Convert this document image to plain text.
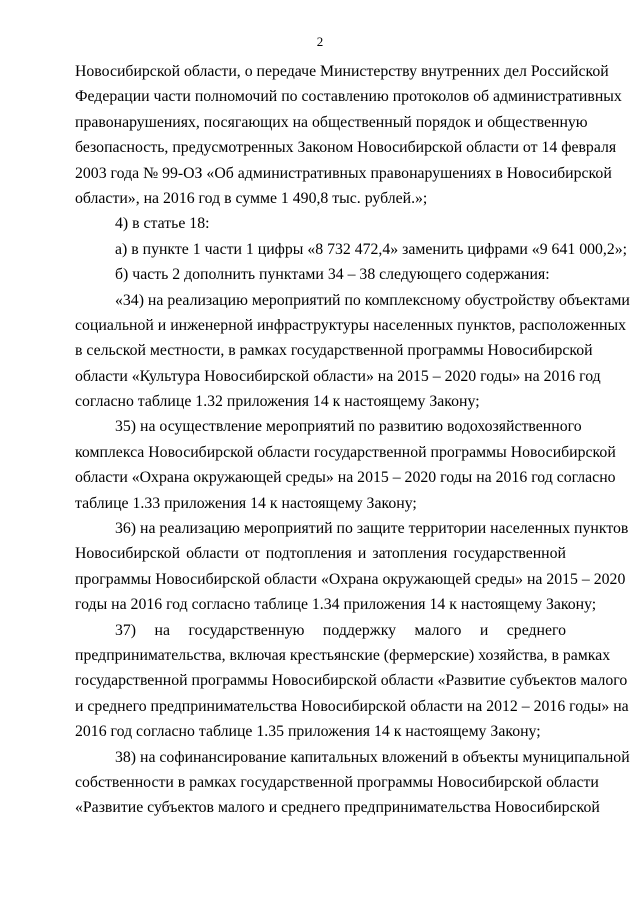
2
Новосибирской области, о передаче Министерству внутренних дел Российской
Федерации части полномочий по составлению протоколов об административных
правонарушениях, посягающих на общественный порядок и общественную
безопасность, предусмотренных Законом Новосибирской области от 14 февраля
2003 года № 99-ОЗ «Об административных правонарушениях в Новосибирской
области», на 2016 год в сумме 1 490,8 тыс. рублей.»;
4) в статье 18:
а) в пункте 1 части 1 цифры «8 732 472,4» заменить цифрами «9 641 000,2»;
б) часть 2 дополнить пунктами 34 – 38 следующего содержания:
«34) на реализацию мероприятий по комплексному обустройству объектами
социальной и инженерной инфраструктуры населенных пунктов, расположенных
в сельской местности, в рамках государственной программы Новосибирской
области «Культура Новосибирской области» на 2015 – 2020 годы» на 2016 год
согласно таблице 1.32 приложения 14 к настоящему Закону;
35) на осуществление мероприятий по развитию водохозяйственного
комплекса Новосибирской области государственной программы Новосибирской
области «Охрана окружающей среды» на 2015 – 2020 годы на 2016 год согласно
таблице 1.33 приложения 14 к настоящему Закону;
36) на реализацию мероприятий по защите территории населенных пунктов
Новосибирской области от подтопления и затопления государственной
программы Новосибирской области «Охрана окружающей среды» на 2015 – 2020
годы на 2016 год согласно таблице 1.34 приложения 14 к настоящему Закону;
37) на государственную поддержку малого и среднего
предпринимательства, включая крестьянские (фермерские) хозяйства, в рамках
государственной программы Новосибирской области «Развитие субъектов малого
и среднего предпринимательства Новосибирской области на 2012 – 2016 годы» на
2016 год согласно таблице 1.35 приложения 14 к настоящему Закону;
38) на софинансирование капитальных вложений в объекты муниципальной
собственности в рамках государственной программы Новосибирской области
«Развитие субъектов малого и среднего предпринимательства Новосибирской
